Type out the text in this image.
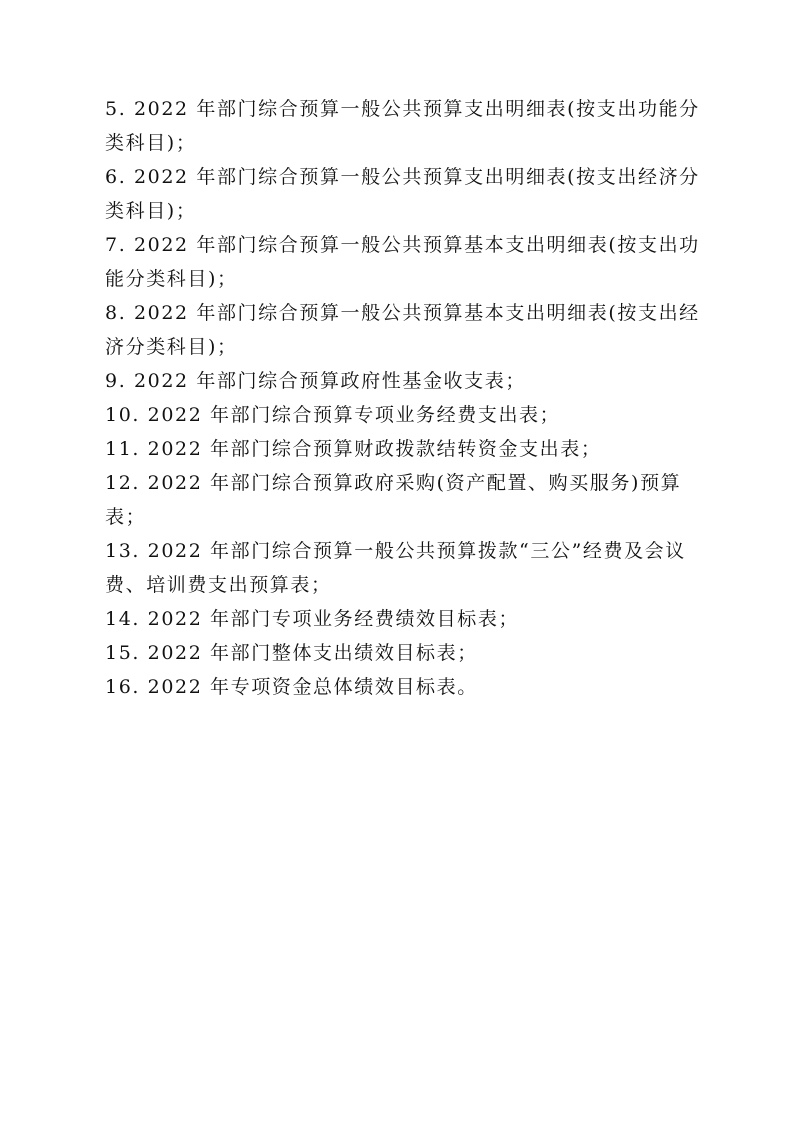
5. 2022 年部门综合预算一般公共预算支出明细表(按支出功能分类科目)；
6. 2022 年部门综合预算一般公共预算支出明细表(按支出经济分类科目)；
7. 2022 年部门综合预算一般公共预算基本支出明细表(按支出功能分类科目)；
8. 2022 年部门综合预算一般公共预算基本支出明细表(按支出经济分类科目)；
9. 2022 年部门综合预算政府性基金收支表；
10. 2022 年部门综合预算专项业务经费支出表；
11. 2022 年部门综合预算财政拨款结转资金支出表；
12. 2022 年部门综合预算政府采购(资产配置、购买服务)预算表；
13. 2022 年部门综合预算一般公共预算拨款“三公”经费及会议费、培训费支出预算表；
14. 2022 年部门专项业务经费绩效目标表；
15. 2022 年部门整体支出绩效目标表；
16. 2022 年专项资金总体绩效目标表。
